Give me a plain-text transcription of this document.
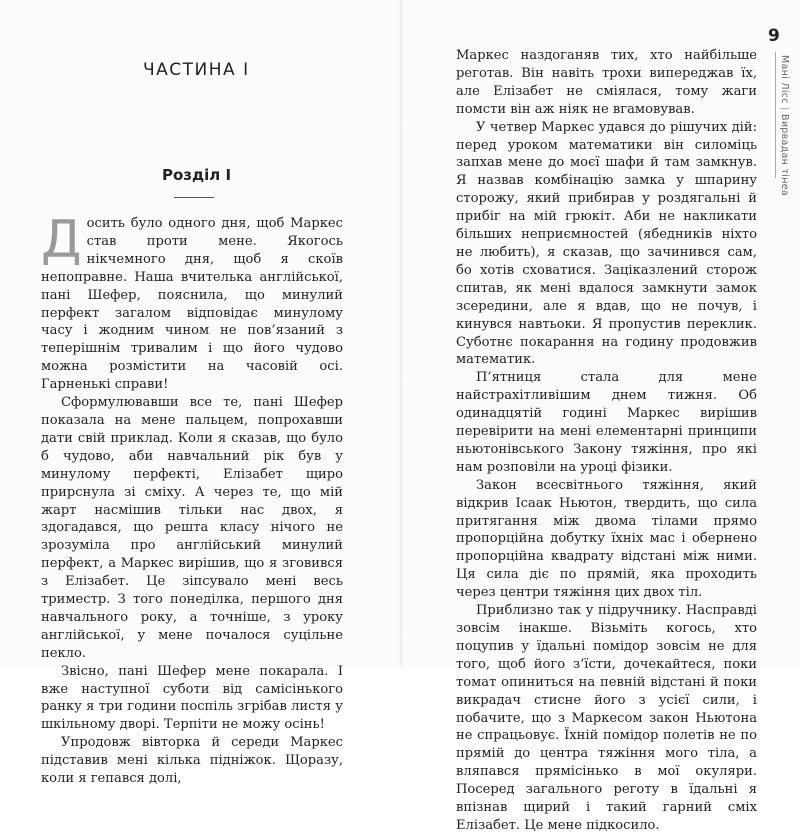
ЧАСТИНА І
Розділ І
Д осить було одного дня, щоб Маркес став проти мене. Якогось нікчемного дня, щоб я скоїв непоправне. Наша вчителька англійської, пані Шефер, пояснила, що минулий перфект загалом відповідає минулому часу і жодним чином не пов’язаний з теперішнім тривалим і що його чудово можна розмістити на часовій осі. Гарненькі справи!

Сформулювавши все те, пані Шефер показала на мене пальцем, попрохавши дати свій приклад. Коли я сказав, що було б чудово, аби навчальний рік був у минулому перфекті, Елізабет щиро прирснула зі сміху. А через те, що мій жарт насмішив тільки нас двох, я здогадався, що решта класу нічого не зрозуміла про англійський минулий перфект, а Маркес вирішив, що я зговився з Елізабет. Це зіпсувало мені весь триместр. З того понеділка, першого дня навчального року, а точніше, з уроку англійської, у мене почалося суцільне пекло.

Звісно, пані Шефер мене покарала. І вже наступної суботи від самісінького ранку я три години поспіль згрібав листя у шкільному дворі. Терпіти не можу осінь!

Упродовж вівторка й середи Маркес підставив мені кілька підніжок. Щоразу, коли я гепався долі,

9
Мані Лісс | Вирвадан тінеа

Маркес наздоганяв тих, хто найбільше реготав. Він навіть трохи випереджав їх, але Елізабет не сміялася, тому жаги помсти він аж ніяк не вгамовував.

У четвер Маркес удався до рішучих дій: перед уроком математики він силоміць запхав мене до моєї шафи й там замкнув. Я назвав комбінацію замка у шпарину сторожу, який прибирав у роздягальні й прибіг на мій грюкіт. Аби не накликати більших неприємностей (ябедників ніхто не любить), я сказав, що зачинився сам, бо хотів сховатися. Заціказлений сторож спитав, як мені вдалося замкнути замок зсередини, але я вдав, що не почув, і кинувся навтьоки. Я пропустив переклик. Суботнє покарання на годину продовжив математик.

П’ятниця стала для мене найстрахітливішим днем тижня. Об одинадцятій годині Маркес вирішив перевірити на мені елементарні принципи ньютонівського Закону тяжіння, про які нам розповіли на уроці фізики.

Закон всесвітнього тяжіння, який відкрив Ісаак Ньютон, твердить, що сила притягання між двома тілами прямо пропорційна добутку їхніх мас і обернено пропорційна квадрату відстані між ними. Ця сила діє по прямій, яка проходить через центри тяжіння цих двох тіл.

Приблизно так у підручнику. Насправді зовсім інакше. Візьміть когось, хто поцупив у їдальні помідор зовсім не для того, щоб його з’їсти, дочекайтеся, поки томат опиниться на певній відстані й поки викрадач стисне його з усієї сили, і побачите, що з Маркесом закон Ньютона не спрацьовує. Їхній помідор полетів не по прямій до центра тяжіння мого тіла, а вляпався прямісінько в мої окуляри. Посеред загального реготу в їдальні я впізнав щирий і такий гарний сміх Елізабет. Це мене підкосило.
